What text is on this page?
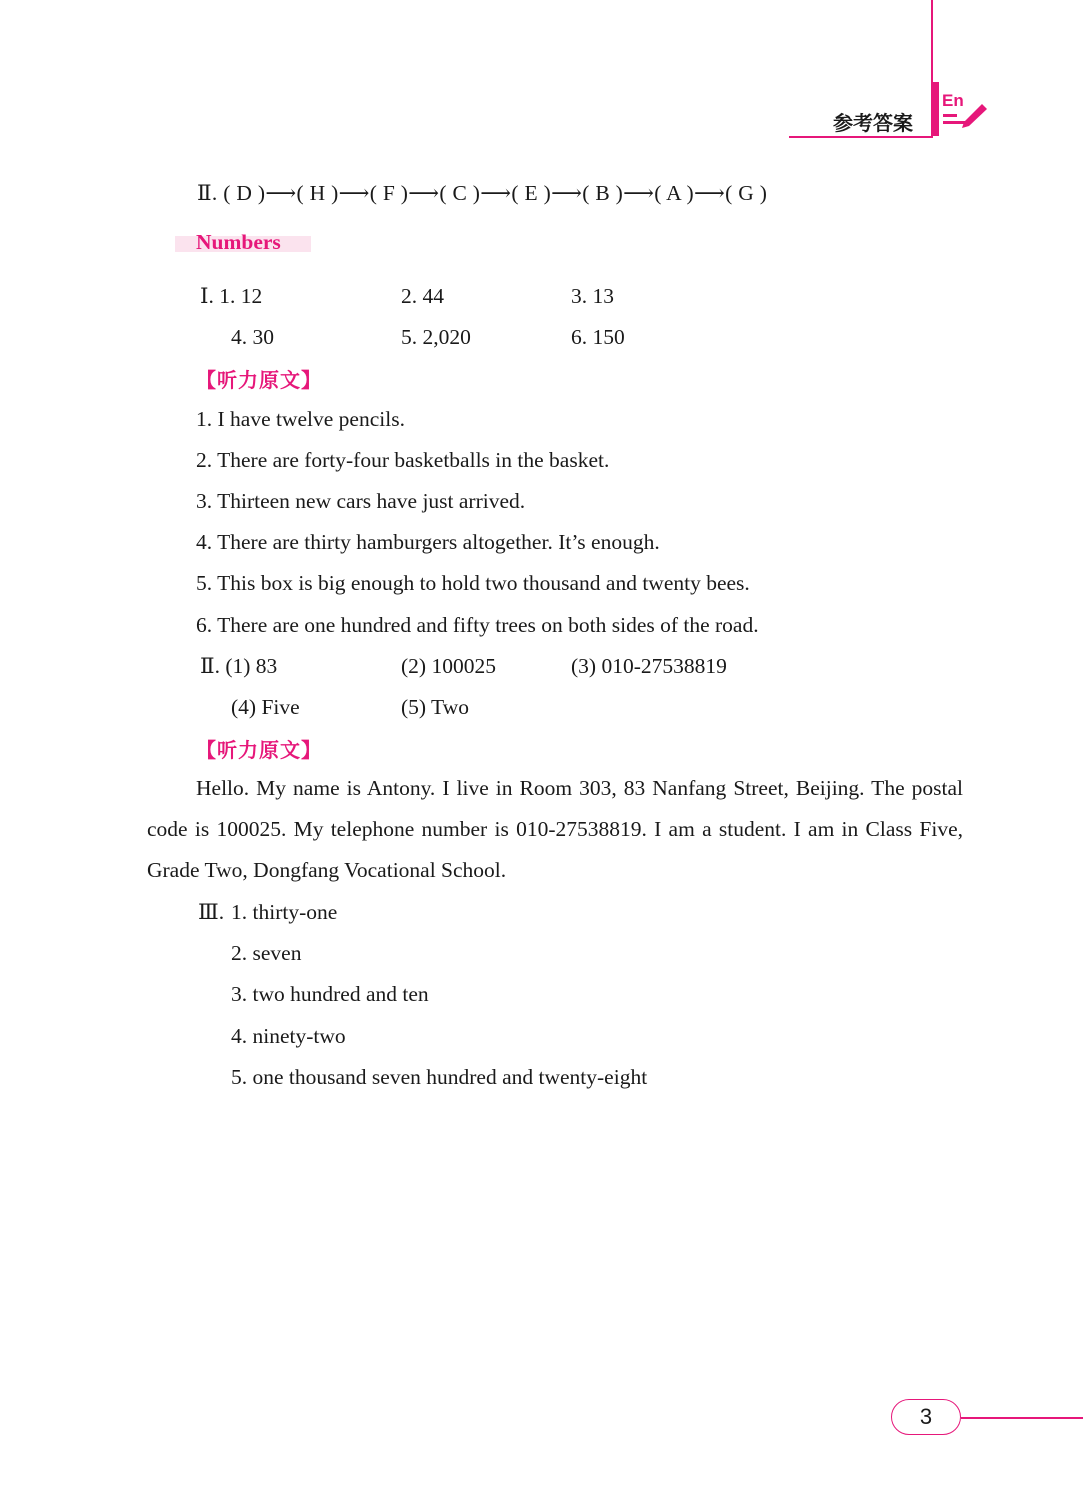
参考答案
En
Ⅱ. ( D )⟶( H )⟶( F )⟶( C )⟶( E )⟶( B )⟶( A )⟶( G )
Numbers
Ⅰ. 1. 12	2. 44	3. 13
4. 30	5. 2,020	6. 150
【听力原文】
1. I have twelve pencils.
2. There are forty-four basketballs in the basket.
3. Thirteen new cars have just arrived.
4. There are thirty hamburgers altogether. It’s enough.
5. This box is big enough to hold two thousand and twenty bees.
6. There are one hundred and fifty trees on both sides of the road.
Ⅱ. (1) 83	(2) 100025	(3) 010-27538819
(4) Five	(5) Two
【听力原文】
Hello. My name is Antony. I live in Room 303, 83 Nanfang Street, Beijing. The postal code is 100025. My telephone number is 010-27538819. I am a student. I am in Class Five, Grade Two, Dongfang Vocational School.
Ⅲ. 1. thirty-one
2. seven
3. two hundred and ten
4. ninety-two
5. one thousand seven hundred and twenty-eight
3
